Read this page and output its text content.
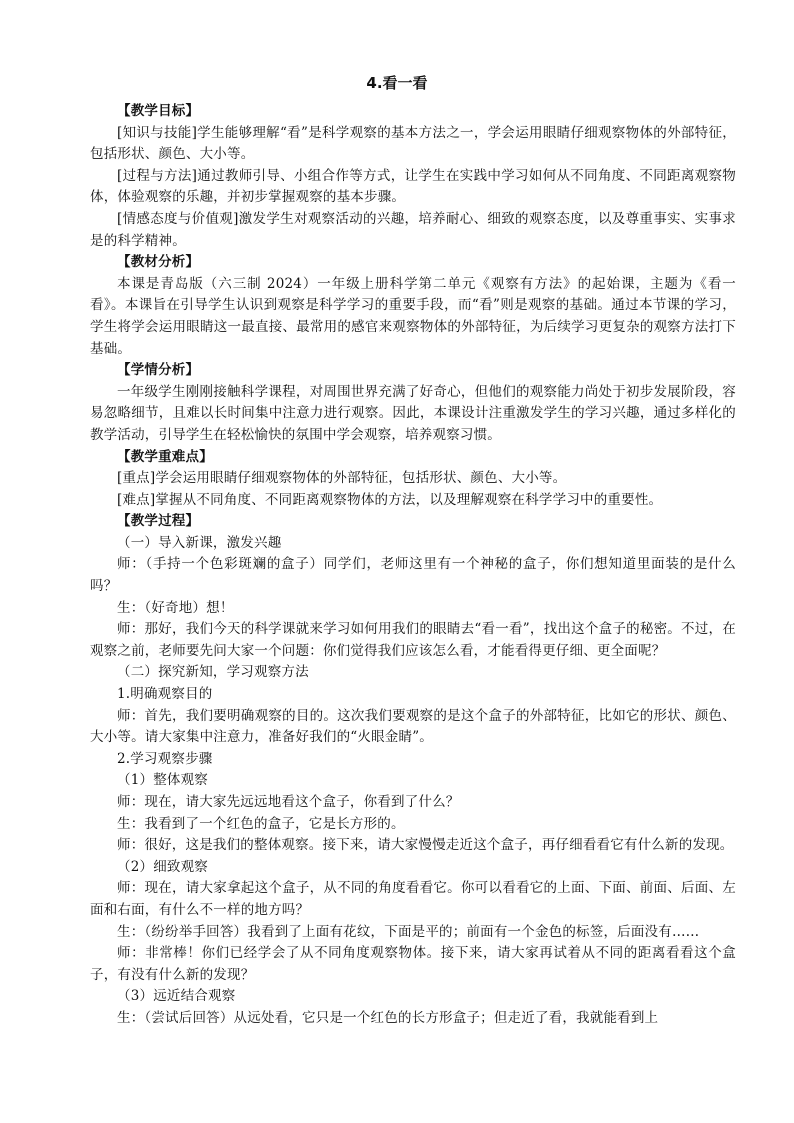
4.看一看

【教学目标】

[知识与技能]学生能够理解“看”是科学观察的基本方法之一，学会运用眼睛仔细观察物体的外部特征，包括形状、颜色、大小等。

[过程与方法]通过教师引导、小组合作等方式，让学生在实践中学习如何从不同角度、不同距离观察物体，体验观察的乐趣，并初步掌握观察的基本步骤。

[情感态度与价值观]激发学生对观察活动的兴趣，培养耐心、细致的观察态度，以及尊重事实、实事求是的科学精神。

【教材分析】

本课是青岛版（六三制 2024）一年级上册科学第二单元《观察有方法》的起始课，主题为《看一看》。本课旨在引导学生认识到观察是科学学习的重要手段，而“看”则是观察的基础。通过本节课的学习，学生将学会运用眼睛这一最直接、最常用的感官来观察物体的外部特征，为后续学习更复杂的观察方法打下基础。

【学情分析】

一年级学生刚刚接触科学课程，对周围世界充满了好奇心，但他们的观察能力尚处于初步发展阶段，容易忽略细节，且难以长时间集中注意力进行观察。因此，本课设计注重激发学生的学习兴趣，通过多样化的教学活动，引导学生在轻松愉快的氛围中学会观察，培养观察习惯。

【教学重难点】

[重点]学会运用眼睛仔细观察物体的外部特征，包括形状、颜色、大小等。

[难点]掌握从不同角度、不同距离观察物体的方法，以及理解观察在科学学习中的重要性。

【教学过程】

（一）导入新课，激发兴趣

师：（手持一个色彩斑斓的盒子）同学们，老师这里有一个神秘的盒子，你们想知道里面装的是什么吗？

生：（好奇地）想！

师：那好，我们今天的科学课就来学习如何用我们的眼睛去“看一看”，找出这个盒子的秘密。不过，在观察之前，老师要先问大家一个问题：你们觉得我们应该怎么看，才能看得更仔细、更全面呢？

（二）探究新知，学习观察方法

1.明确观察目的

师：首先，我们要明确观察的目的。这次我们要观察的是这个盒子的外部特征，比如它的形状、颜色、大小等。请大家集中注意力，准备好我们的“火眼金睛”。

2.学习观察步骤

（1）整体观察

师：现在，请大家先远远地看这个盒子，你看到了什么？

生：我看到了一个红色的盒子，它是长方形的。

师：很好，这是我们的整体观察。接下来，请大家慢慢走近这个盒子，再仔细看看它有什么新的发现。

（2）细致观察

师：现在，请大家拿起这个盒子，从不同的角度看看它。你可以看看它的上面、下面、前面、后面、左面和右面，有什么不一样的地方吗？

生：（纷纷举手回答）我看到了上面有花纹，下面是平的；前面有一个金色的标签，后面没有……

师：非常棒！你们已经学会了从不同角度观察物体。接下来，请大家再试着从不同的距离看看这个盒子，有没有什么新的发现？

（3）远近结合观察

生：（尝试后回答）从远处看，它只是一个红色的长方形盒子；但走近了看，我就能看到上
